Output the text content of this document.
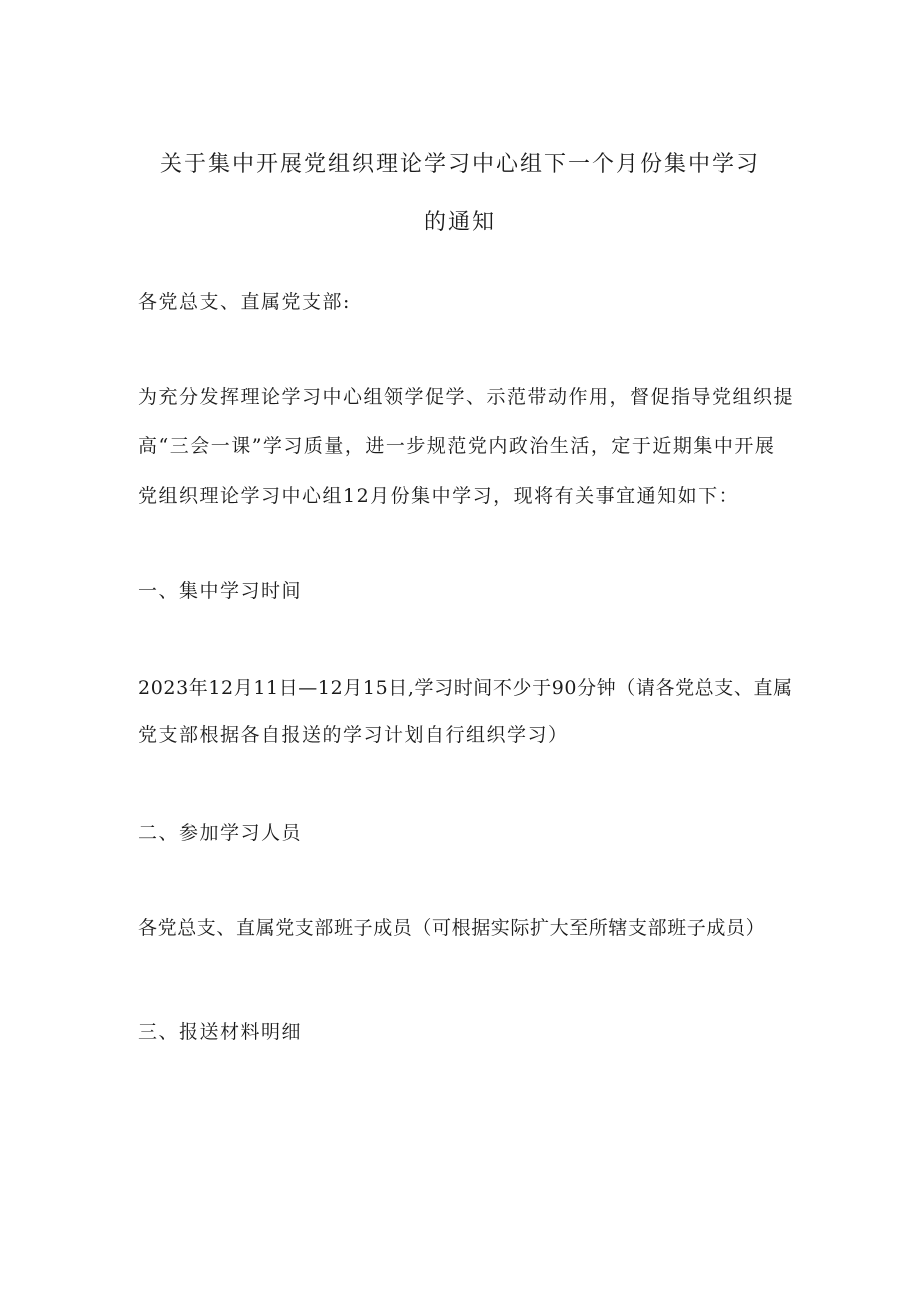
关于集中开展党组织理论学习中心组下一个月份集中学习
的通知
各党总支、直属党支部:
为充分发挥理论学习中心组领学促学、示范带动作用，督促指导党组织提
高“三会一课”学习质量，进一步规范党内政治生活，定于近期集中开展
党组织理论学习中心组12月份集中学习，现将有关事宜通知如下：
一、集中学习时间
2023年12月11日—12月15日,学习时间不少于90分钟（请各党总支、直属
党支部根据各自报送的学习计划自行组织学习）
二、参加学习人员
各党总支、直属党支部班子成员（可根据实际扩大至所辖支部班子成员）
三、报送材料明细
